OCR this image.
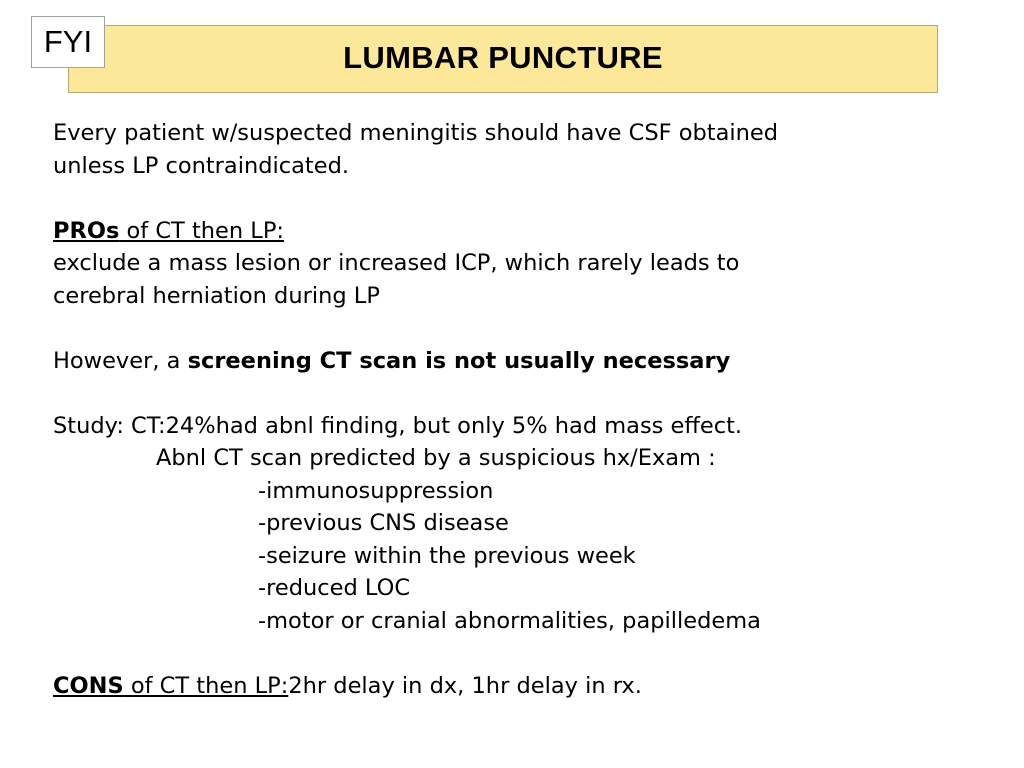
LUMBAR PUNCTURE
FYI
Every patient w/suspected meningitis should have CSF obtained
unless LP contraindicated.
PROs of CT then LP:
exclude a mass lesion or increased ICP, which rarely leads to
cerebral herniation during LP
However, a screening CT scan is not usually necessary
Study: CT:24%had abnl finding, but only 5% had mass effect.
Abnl CT scan predicted by a suspicious hx/Exam :
-immunosuppression
-previous CNS disease
-seizure within the previous week
-reduced LOC
-motor or cranial abnormalities, papilledema
CONS of CT then LP:2hr delay in dx, 1hr delay in rx.
